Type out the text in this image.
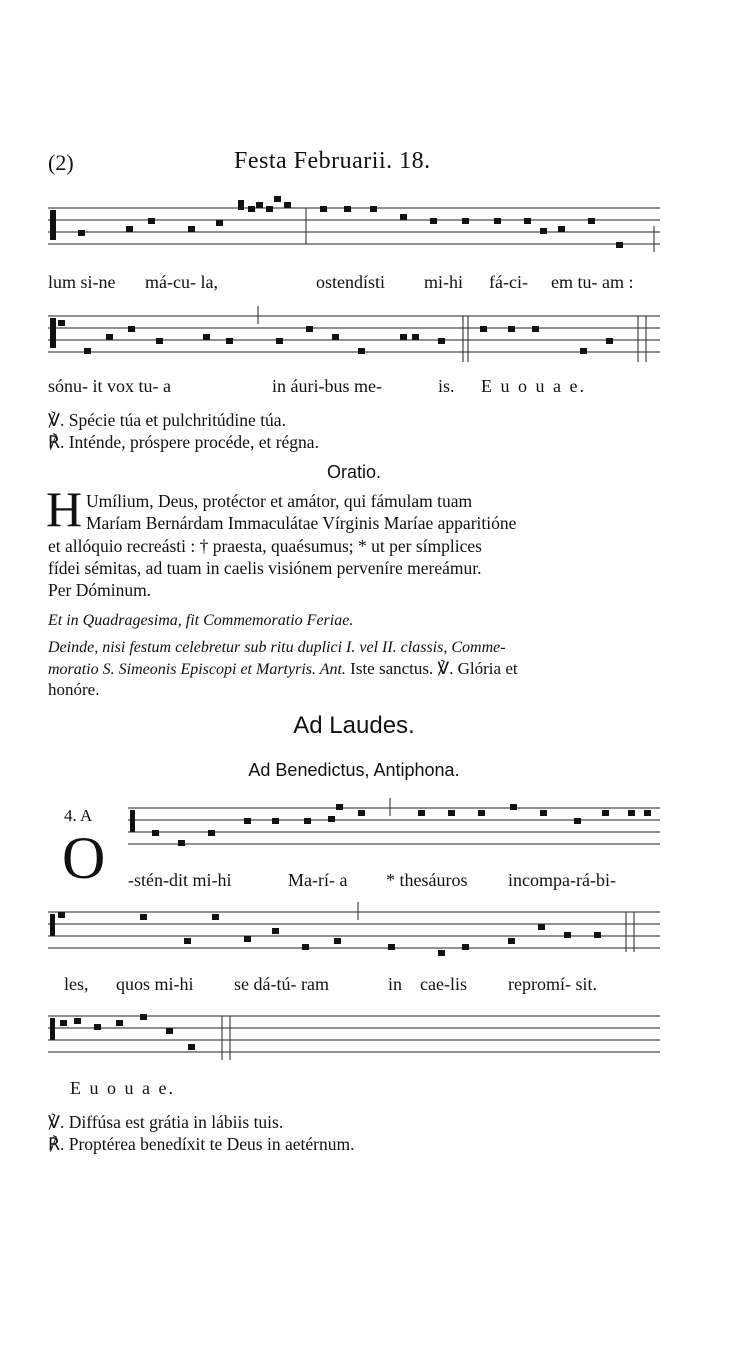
(2)	Festa Februarii. 18.
lum si-ne má-cu- la,	ostendísti mi-hi fá-ci- em tu- am :
sónu- it vox tu- a	in áuri-bus me-	is. E u o u a e.
℣. Spécie túa et pulchritúdine túa.
℟. Inténde, próspere procéde, et régna.
Oratio.
H Umílium, Deus, protéctor et amátor, qui fámulam tuam
Maríam Bernárdam Immaculátae Vírginis Maríae apparitióne
et allóquio recreásti : † praesta, quaésumus; * ut per símplices
fídei sémitas, ad tuam in caelis visiónem perveníre mereámur.
Per Dóminum.
Et in Quadragesima, fit Commemoratio Feriae.
Deinde, nisi festum celebretur sub ritu duplici I. vel II. classis, Comme-
moratio S. Simeonis Episcopi et Martyris. Ant. Iste sanctus. ℣. Glória et
honóre.
Ad Laudes.
Ad Benedictus, Antiphona.
4. A
O -stén-dit mi-hi	Ma-rí- a * thesáuros incompa-rá-bi-
les, quos mi-hi se dá-tú- ram	in cae-lis repromí- sit.
E u o u a e.
℣. Diffúsa est grátia in lábiis tuis.
℟. Proptérea benedíxit te Deus in aetérnum.
